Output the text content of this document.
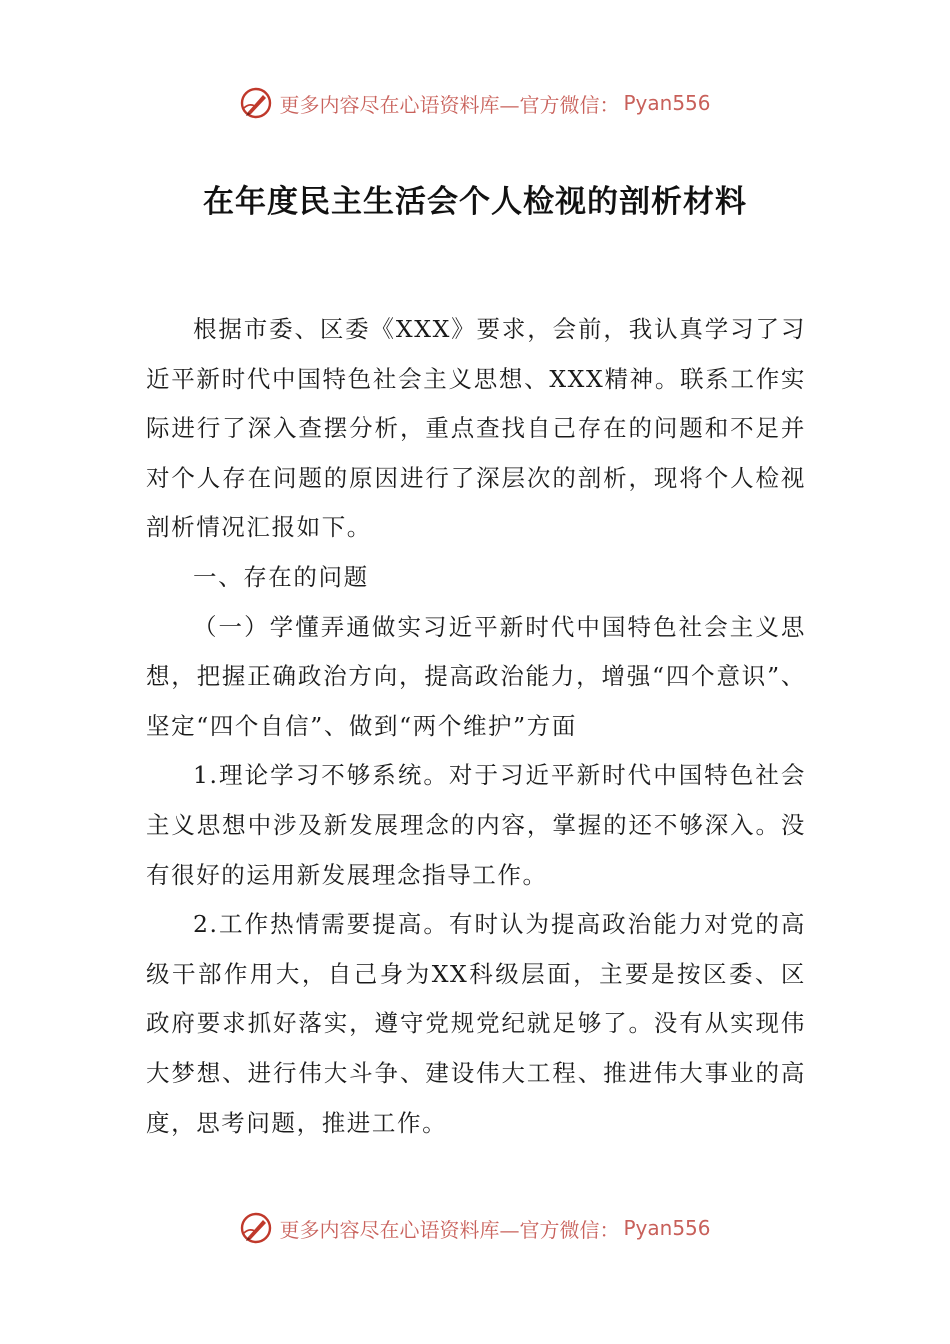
更多内容尽在心语资料库—官方微信： Pyan556
在年度民主生活会个人检视的剖析材料

根据市委、区委《XXX》要求，会前，我认真学习了习近平新时代中国特色社会主义思想、XXX精神。联系工作实际进行了深入查摆分析，重点查找自己存在的问题和不足并对个人存在问题的原因进行了深层次的剖析，现将个人检视剖析情况汇报如下。

一、存在的问题

（一）学懂弄通做实习近平新时代中国特色社会主义思想，把握正确政治方向，提高政治能力，增强“四个意识”、坚定“四个自信”、做到“两个维护”方面

1.理论学习不够系统。对于习近平新时代中国特色社会主义思想中涉及新发展理念的内容，掌握的还不够深入。没有很好的运用新发展理念指导工作。

2.工作热情需要提高。有时认为提高政治能力对党的高级干部作用大，自己身为XX科级层面，主要是按区委、区政府要求抓好落实，遵守党规党纪就足够了。没有从实现伟大梦想、进行伟大斗争、建设伟大工程、推进伟大事业的高度，思考问题，推进工作。

更多内容尽在心语资料库—官方微信： Pyan556
